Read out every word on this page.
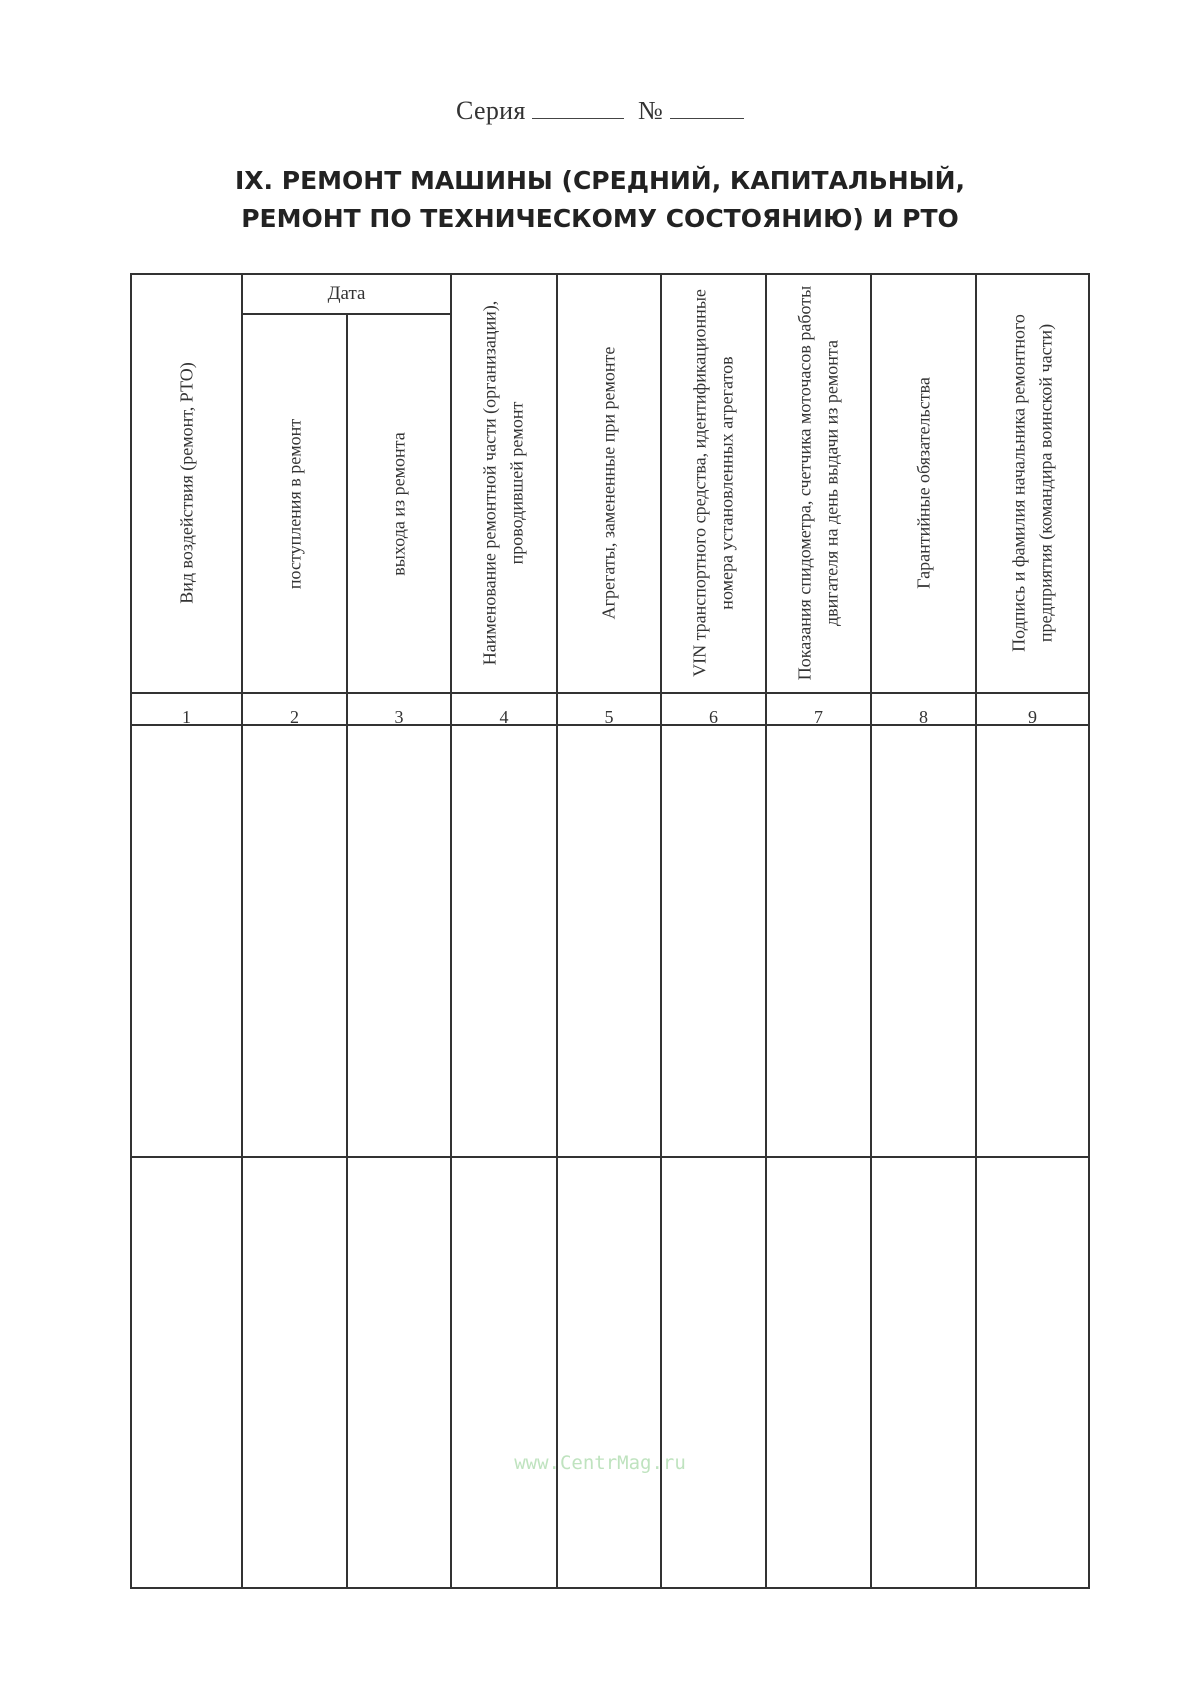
Серия	№
IX. РЕМОНТ МАШИНЫ (СРЕДНИЙ, КАПИТАЛЬНЫЙ,
РЕМОНТ ПО ТЕХНИЧЕСКОМУ СОСТОЯНИЮ) И РТО
Дата
Вид воздействия (ремонт, РТО)	поступления в ремонт	выхода из ремонта	Наименование ремонтной части (организации), проводившей ремонт	Агрегаты, замененные при ремонте	VIN транспортного средства, идентификационные номера установленных агрегатов	Показания спидометра, счетчика моточасов работы двигателя на день выдачи из ремонта	Гарантийные обязательства	Подпись и фамилия начальника ремонтного предприятия (командира воинской части)
1	2	3	4	5	6	7	8	9
www.CentrMag.ru
